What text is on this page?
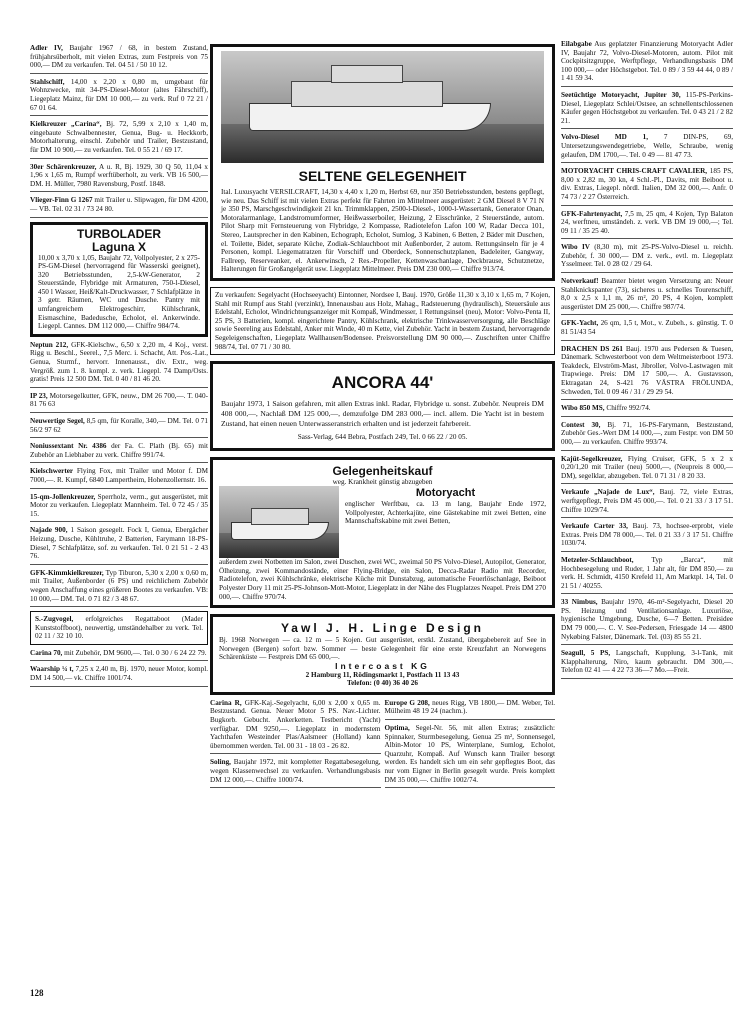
Adler IV, Baujahr 1967 / 68, in bestem Zustand, frühjahrsüberholt, mit vielen Extras, zum Festpreis von 75 000,— DM zu verkaufen. Tel. 04 51 / 50 10 12.

Stahlschiff, 14,00 x 2,20 x 0,80 m, umgebaut für Wohnzwecke, mit 34-PS-Diesel-Motor (altes Fährschiff), Liegeplatz Mainz, für DM 10 000,— zu verk. Ruf 0 72 21 / 67 01 64.

Kielkreuzer „Carina“, Bj. 72, 5,99 x 2,10 x 1,40 m, eingebaute Schwalbennester, Genua, Bug- u. Heckkorb, Motorhalterung, einschl. Zubehör und Trailer, Bestzustand, für DM 10 900,— zu verkaufen. Tel. 0 55 21 / 69 17.

30er Schärenkreuzer, A u. R, Bj. 1929, 30 Q 50, 11,04 x 1,96 x 1,65 m, Rumpf werftüberholt, zu verk. VB 16 500,— DM. H. Müller, 7980 Ravensburg, Postf. 1848.

Vlieger-Finn G 1267 mit Trailer u. Slipwagen, für DM 4200,— VB. Tel. 02 31 / 73 24 80.

TURBOLADER

Laguna X

10,00 x 3,70 x 1,05, Baujahr 72, Vollpolyester, 2 x 275-PS-GM-Diesel (hervorragend für Wasserski geeignet), 320 Betriebsstunden, 2,5-kW-Generator, 2 Steuerstände, Flybridge mit Armaturen, 750-l-Diesel, 450 l Wasser, Heiß/Kalt-Druckwasser, 7 Schlafplätze in 3 getr. Räumen, WC und Dusche. Pantry mit umfangreichem Elektrogeschirr, Kühlschrank, Eismaschine, Badedusche, Echolot, el. Ankerwinde. Liegepl. Cannes. DM 112 000,— Chiffre 984/74.

Neptun 212, GFK-Kielschw., 6,50 x 2,20 m, 4 Koj., verst. Rigg u. Beschl., Seerel., 7,5 Merc. i. Schacht, Att. Pos.-Lat., Genua, Sturmf., hervorr. Innenausst., div. Extr., weg. Vergröß. zum 1. 8. kompl. z. verk. Liegepl. 74 Damp/Osts. gratis! Preis 12 500 DM. Tel. 0 40 / 81 46 20.

IP 23, Motorsegelkutter, GFK, neuw., DM 26 700,—. T. 040-81 76 63

Neuwertige Segel, 8,5 qm, für Koralle, 340,— DM. Tel. 0 71 56/2 97 62

Noniussextant Nr. 4386 der Fa. C. Plath (Bj. 65) mit Zubehör an Liebhaber zu verk. Chiffre 991/74.

Kielschwerter Flying Fox, mit Trailer und Motor f. DM 7000,—. R. Kumpf, 6840 Lampertheim, Hohenzollernstr. 16.

15-qm-Jollenkreuzer, Sperrholz, verm., gut ausgerüstet, mit Motor zu verkaufen. Liegeplatz Mannheim. Tel. 0 72 45 / 35 15.

Najade 900, 1 Saison gesegelt. Fock I, Genua, Ebergächer Heizung, Dusche, Kühltruhe, 2 Batterien, Farymann 18-PS-Diesel, 7 Schlafplätze, sof. zu verkaufen. Tel. 0 21 51 - 2 43 76.

GFK-Kimmkielkreuzer, Typ Tiburon, 5,30 x 2,00 x 0,60 m, mit Trailer, Außenborder (6 PS) und reichlichem Zubehör wegen Anschaffung eines größeren Bootes zu verkaufen. VB: 10 000,— DM. Tel. 0 71 82 / 3 48 67.

S.-Zugvogel, erfolgreiches Regattaboot (Mader Kunststoffboot), neuwertig, umständehalber zu verk. Tel. 02 11 / 32 10 10.

Carina 70, mit Zubehör, DM 9600,—. Tel. 0 30 / 6 24 22 79.

Waarship ¼ t, 7,25 x 2,40 m, Bj. 1970, neuer Motor, kompl. DM 14 500,— vk. Chiffre 1001/74.

SELTENE GELEGENHEIT

Ital. Luxusyacht VERSILCRAFT, 14,30 x 4,40 x 1,20 m, Herbst 69, nur 350 Betriebsstunden, bestens gepflegt, wie neu. Das Schiff ist mit vielen Extras perfekt für Fahrten im Mittelmeer ausgerüstet: 2 GM Diesel 8 V 71 N je 350 PS, Marschgeschwindigkeit 21 kn. Trimmklappen, 2500-l-Diesel-, 1000-l-Wassertank, Generator Onan, Motoralarmanlage, Landstromumformer, Heißwasserboiler, Heizung, 2 Eisschränke, 2 Steuerstände, autom. Pilot Sharp mit Fernsteuerung von Flybridge, 2 Kompasse, Radiotelefon Lafon 100 W, Radar Decca 101, Stereo, Lautsprecher in den Kabinen, Echograph, Echolot, Sumlog, 3 Kabinen, 6 Betten, 2 Bäder mit Duschen, el. Toilette, Bidet, separate Küche, Zodiak-Schlauchboot mit Außenborder, 2 autom. Rettungsinseln für je 4 Personen, kompl. Liegematratzen für Vorschiff und Oberdeck, Sonnenschutzplanen, Badeleiter, Gangway, Fallreep, Reserveanker, el. Ankerwinsch, 2 Res.-Propeller, Kettenwaschanlage, Deckbrause, Schutznetze, Halterungen für Großangelgerät usw. Liegeplatz Mittelmeer. Preis DM 230 000,— Chiffre 913/74.

Zu verkaufen: Segelyacht (Hochseeyacht) Eintonner, Nordsee I, Bauj. 1970, Größe 11,30 x 3,10 x 1,65 m, 7 Kojen, Stahl mit Rumpf aus Stahl (verzinkt), Innenausbau aus Holz, Mahag., Radsteuerung (hydraulisch), Steuersäule aus Edelstahl, Echolot, Windrichtungsanzeiger mit Kompaß, Windmesser, 1 Rettungsinsel (neu), Motor: Volvo-Penta II, 25 PS, 3 Batterien, kompl. eingerichtete Pantry, Kühlschrank, elektrische Trinkwasserversorgung, alle Beschläge sowie Seereling aus Edelstahl, Anker mit Winde, 40 m Kette, viel Zubehör. Yacht in bestem Zustand, hervorragende Segeleigenschaften, Liegeplatz Wallhausen/Bodensee. Preisvorstellung DM 90 000,—. Zuschriften unter Chiffre 988/74, Tel. 07 71 / 30 80.

ANCORA 44'

Baujahr 1973, 1 Saison gefahren, mit allen Extras inkl. Radar, Flybridge u. sonst. Zubehör. Neupreis DM 408 000,—, Nachlaß DM 125 000,—, demzufolge DM 283 000,— incl. allem. Die Yacht ist in bestem Zustand, hat einen neuen Unterwasseranstrich erhalten und ist jederzeit fahrbereit.

Sass-Verlag, 644 Bebra, Postfach 249, Tel. 0 66 22 / 20 05.

Gelegenheitskauf

weg. Krankheit günstig abzugeben

Motoryacht

englischer Werftbau, ca. 13 m lang, Baujahr Ende 1972, Vollpolyester, Achterkajüte, eine Gästekabine mit zwei Betten, eine Mannschaftskabine mit zwei Betten,

außerdem zwei Notbetten im Salon, zwei Duschen, zwei WC, zweimal 50 PS Volvo-Diesel, Autopilot, Generator, Ölheizung, zwei Kommandostände, einer Flying-Bridge, ein Salon, Decca-Radar Radio mit Recorder, Radiotelefon, zwei Kühlschränke, elektrische Küche mit Dunstabzug, automatische Feuerlöschanlage, Beiboot Polyester Dory 11 mit 25-PS-Johnson-Mott-Motor, Liegeplatz in der Nähe des Flugplatzes Neapel. Preis DM 270 000,—. Chiffre 970/74.

Yawl J. H. Linge Design

Bj. 1968 Norwegen — ca. 12 m — 5 Kojen. Gut ausgerüstet, erstkl. Zustand, übergabebereit auf See in Norwegen (Bergen) sofort bzw. Sommer — beste Gelegenheit für eine erste Kreuzfahrt an Norwegens Schärenküste — Festpreis DM 65 000,—.

Intercoast KG

2 Hamburg 11, Rödingsmarkt 1, Postfach 11 13 43

Telefon: (0 40) 36 40 26

Carina R, GFK-Kaj.-Segelyacht, 6,00 x 2,00 x 0,65 m. Bestzustand. Genua. Neuer Motor 5 PS. Nav.-Lichter. Bugkorb. Gebucht. Ankerketten. Testbericht (Yacht) verfügbar. DM 9250,—. Liegeplatz in modernstem Yachthafen Westeinder Plas/Aalsmeer (Holland) kann übernommen werden. Tel. 00 31 - 18 03 - 26 82.

Soling, Baujahr 1972, mit kompletter Regattabesegelung, wegen Klassenwechsel zu verkaufen. Verhandlungsbasis DM 12 000,—. Chiffre 1000/74.

Europe G 208, neues Rigg, VB 1800,— DM. Weber, Tel. Mülheim 48 19 24 (nachm.).

Optima, Segel-Nr. 56, mit allen Extras; zusätzlich: Spinnaker, Sturmbesegelung, Genua 25 m², Sonnensegel, Albin-Motor 10 PS, Winterplane, Sumlog, Echolot, Quarzuhr, Kompaß. Auf Wunsch kann Trailer besorgt werden. Es handelt sich um ein sehr gepflegtes Boot, das nur vom Eigner in Berlin gesegelt wurde. Preis komplett DM 35 000,—. Chiffre 1002/74.

Eilabgabe Aus geplatzter Finanzierung Motoryacht Adler IV, Baujahr 72, Volvo-Diesel-Motoren, autom. Pilot mit Cockpitsitzgruppe, Werftpflege, Verhandlungsbasis DM 100 000,— oder Höchstgebot. Tel. 0 89 / 3 59 44 44, 0 89 / 1 41 59 34.

Seetüchtige Motoryacht, Jupiter 30, 115-PS-Perkins-Diesel, Liegeplatz Schlei/Ostsee, an schnellentschlossenen Käufer gegen Höchstgebot zu verkaufen. Tel. 0 43 21 / 2 82 21.

Volvo-Diesel MD 1, 7 DIN-PS, 69, Untersetzungswendegetriebe, Welle, Schraube, wenig gelaufen, DM 1700,—. Tel. 0 49 — 81 47 73.

MOTORYACHT CHRIS-CRAFT CAVALIER, 185 PS, 8,00 x 2,82 m, 30 kn, 4 Schl.-Pl., Davits, mit Beiboot u. div. Extras, Liegepl. nördl. Italien, DM 32 000,—. Anfr. 0 74 73 / 2 27 Österreich.

GFK-Fahrtenyacht, 7,5 m, 25 qm, 4 Kojen, Typ Balaton 24, werftneu, umständeh. z. verk. VB DM 19 000,—; Tel. 09 11 / 35 25 40.

Wibo IV (8,30 m), mit 25-PS-Volvo-Diesel u. reichh. Zubehör, f. 30 000,— DM z. verk., evtl. m. Liegeplatz Ysselmeer. Tel. 0 28 02 / 29 64.

Notverkauf! Beamter bietet wegen Versetzung an: Neuer Stahlknickspanter (73), sicheres u. schnelles Tourenschiff, 8,0 x 2,5 x 1,1 m, 26 m², 20 PS, 4 Kojen, komplett ausgerüstet DM 25 000,—. Chiffre 987/74.

GFK-Yacht, 26 qm, 1,5 t, Mot., v. Zubeh., s. günstig. T. 0 81 51/43 54

DRACHEN DS 261 Bauj. 1970 aus Pedersen & Tuesen, Dänemark. Schwesterboot von dem Weltmeisterboot 1973. Teakdeck, Elvström-Mast, Jibroller, Volvo-Lastwagen mit Trapwiege. Preis: DM 17 500,—. A. Gustavsson, Ektragatan 24, S-421 76 VÄSTRA FRÖLUNDA, Schweden, Tel. 0 09 46 / 31 / 29 29 54.

Wibo 850 MS, Chiffre 992/74.

Contest 30, Bj. 71, 16-PS-Farymann, Bestzustand, Zubehör Ges.-Wert DM 14 000,—, zum Festpr. von DM 50 000,— zu verkaufen. Chiffre 993/74.

Kajüt-Segelkreuzer, Flying Cruiser, GFK, 5 x 2 x 0,20/1,20 mit Trailer (neu) 5000,—, (Neupreis 8 000,— DM), segelklar, abzugeben. Tel. 0 71 31 / 8 20 33.

Verkaufe „Najade de Lux“, Bauj. 72, viele Extras, werftgepflegt, Preis DM 45 000,—. Tel. 0 21 33 / 3 17 51. Chiffre 1029/74.

Verkaufe Carter 33, Bauj. 73, hochsee-erprobt, viele Extras. Preis DM 78 000,—. Tel. 0 21 33 / 3 17 51. Chiffre 1030/74.

Metzeler-Schlauchboot, Typ „Barca“, mit Hochbesegelung und Ruder, 1 Jahr alt, für DM 850,— zu verk. H. Schmidt, 4150 Krefeld 11, Am Marktpl. 14, Tel. 0 21 51 / 40255.

33 Nimbus, Baujahr 1970, 46-m²-Segelyacht, Diesel 20 PS. Heizung und Ventilationsanlage. Luxuriöse, hygienische Umgebung, Dusche, 6—7 Betten. Preisidee DM 79 000,—. C. V. See-Pedersen, Friesgade 14 — 4800 Nykøbing Falster, Dänemark. Tel. (03) 85 55 21.

Seagull, 5 PS, Langschaft, Kupplung, 3-l-Tank, mit Klapphalterung, Niro, kaum gebraucht. DM 300,—. Telefon 02 41 — 4 22 73 36—7 Mo.—Freit.

128
